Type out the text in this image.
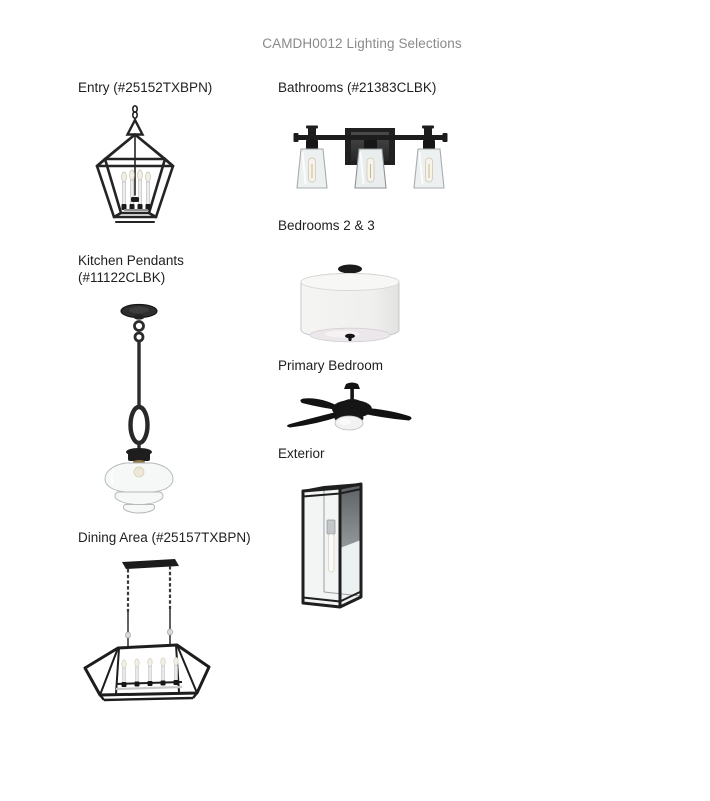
CAMDH0012 Lighting Selections
Entry (#25152TXBPN)
Kitchen Pendants
(#11122CLBK)
Dining Area (#25157TXBPN)
Bathrooms (#21383CLBK)
Bedrooms 2 & 3
Primary Bedroom
Exterior
